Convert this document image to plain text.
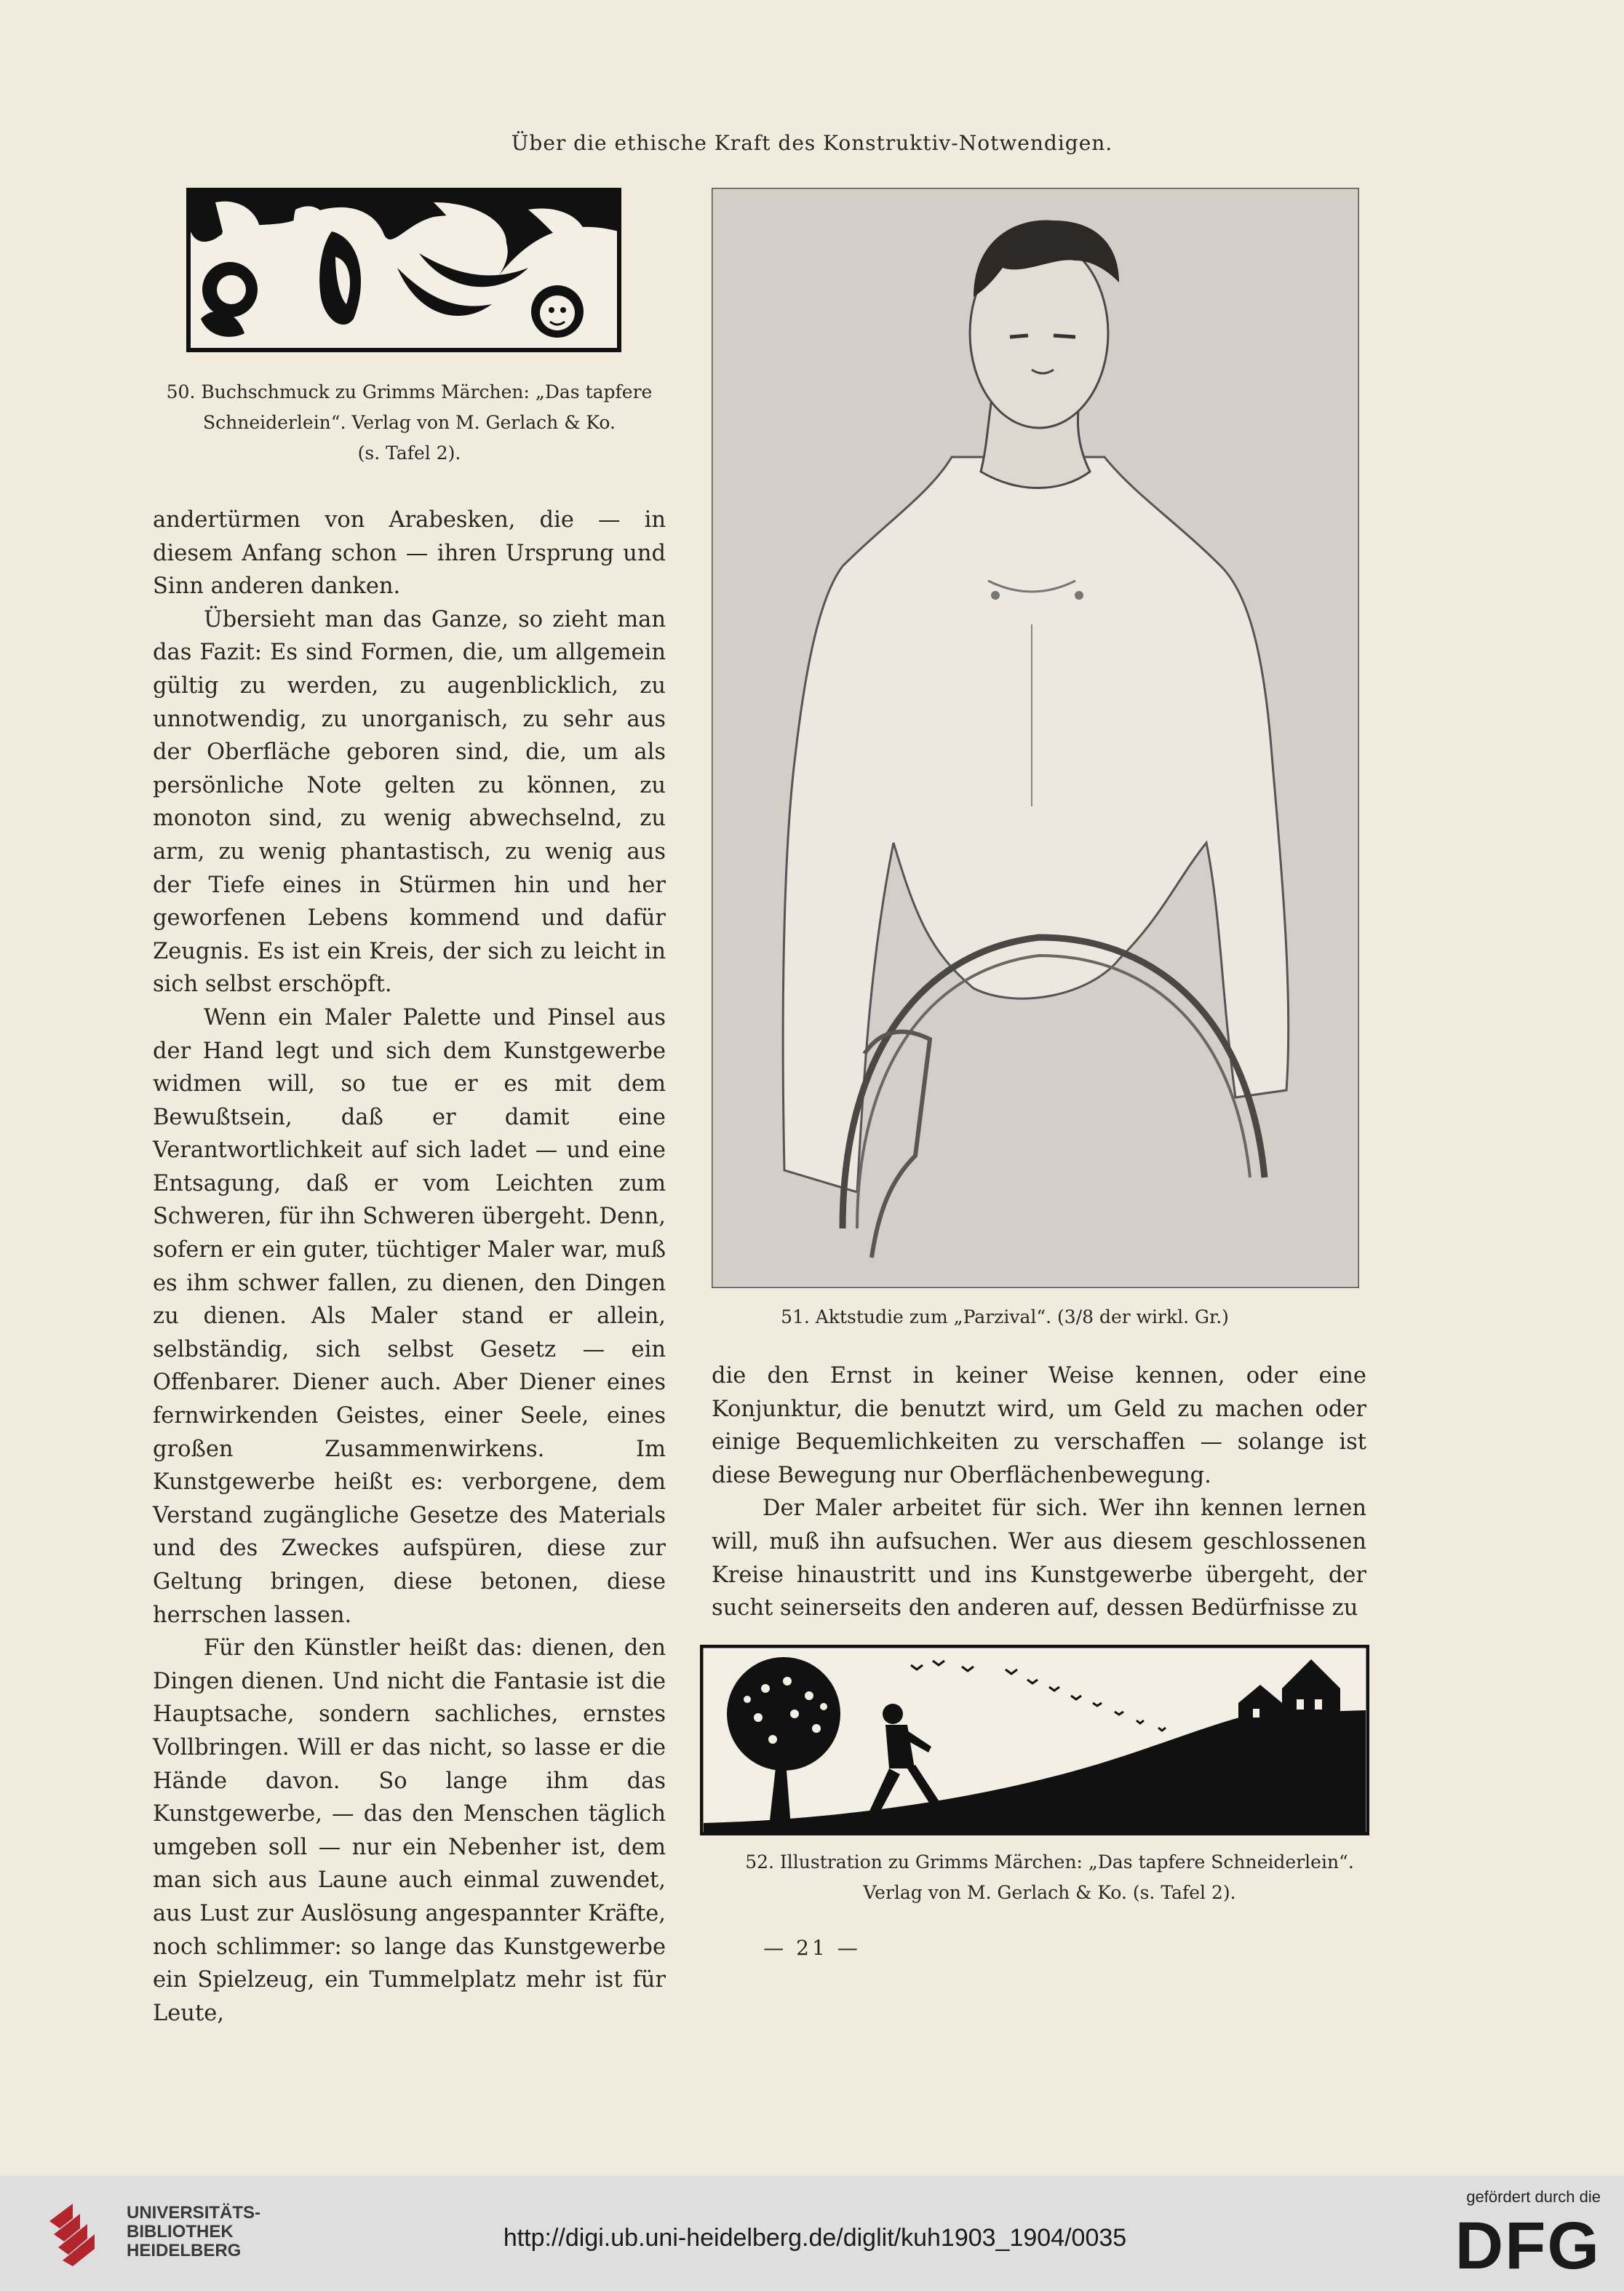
Über die ethische Kraft des Konstruktiv-Notwendigen.
50. Buchschmuck zu Grimms Märchen: „Das tapfere
Schneiderlein“. Verlag von M. Gerlach & Ko.
(s. Tafel 2).

andertürmen von Arabesken, die — in diesem Anfang schon — ihren Ursprung und Sinn anderen danken.

Übersieht man das Ganze, so zieht man das Fazit: Es sind Formen, die, um allgemein gültig zu werden, zu augenblicklich, zu unnotwendig, zu unorganisch, zu sehr aus der Oberfläche geboren sind, die, um als persönliche Note gelten zu können, zu monoton sind, zu wenig abwechselnd, zu arm, zu wenig phantastisch, zu wenig aus der Tiefe eines in Stürmen hin und her geworfenen Lebens kommend und dafür Zeugnis. Es ist ein Kreis, der sich zu leicht in sich selbst erschöpft.

Wenn ein Maler Palette und Pinsel aus der Hand legt und sich dem Kunstgewerbe widmen will, so tue er es mit dem Bewußtsein, daß er damit eine Verantwortlichkeit auf sich ladet — und eine Entsagung, daß er vom Leichten zum Schweren, für ihn Schweren übergeht. Denn, sofern er ein guter, tüchtiger Maler war, muß es ihm schwer fallen, zu dienen, den Dingen zu dienen. Als Maler stand er allein, selbständig, sich selbst Gesetz — ein Offenbarer. Diener auch. Aber Diener eines fernwirkenden Geistes, einer Seele, eines großen Zusammenwirkens. Im Kunstgewerbe heißt es: verborgene, dem Verstand zugängliche Gesetze des Materials und des Zweckes aufspüren, diese zur Geltung bringen, diese betonen, diese herrschen lassen.

Für den Künstler heißt das: dienen, den Dingen dienen. Und nicht die Fantasie ist die Hauptsache, sondern sachliches, ernstes Vollbringen. Will er das nicht, so lasse er die Hände davon. So lange ihm das Kunstgewerbe, — das den Menschen täglich umgeben soll — nur ein Nebenher ist, dem man sich aus Laune auch einmal zuwendet, aus Lust zur Auslösung angespannter Kräfte, noch schlimmer: so lange das Kunstgewerbe ein Spielzeug, ein Tummelplatz mehr ist für Leute,

51. Aktstudie zum „Parzival“. (3/8 der wirkl. Gr.)

die den Ernst in keiner Weise kennen, oder eine Konjunktur, die benutzt wird, um Geld zu machen oder einige Bequemlichkeiten zu verschaffen — solange ist diese Bewegung nur Oberflächenbewegung.

Der Maler arbeitet für sich. Wer ihn kennen lernen will, muß ihn aufsuchen. Wer aus diesem geschlossenen Kreise hinaustritt und ins Kunstgewerbe übergeht, der sucht seinerseits den anderen auf, dessen Bedürfnisse zu

52. Illustration zu Grimms Märchen: „Das tapfere Schneiderlein“.
Verlag von M. Gerlach & Ko. (s. Tafel 2).
— 21 —
UNIVERSITÄTS-
BIBLIOTHEK
HEIDELBERG	http://digi.ub.uni-heidelberg.de/diglit/kuh1903_1904/0035
gefördert durch die
DFG
